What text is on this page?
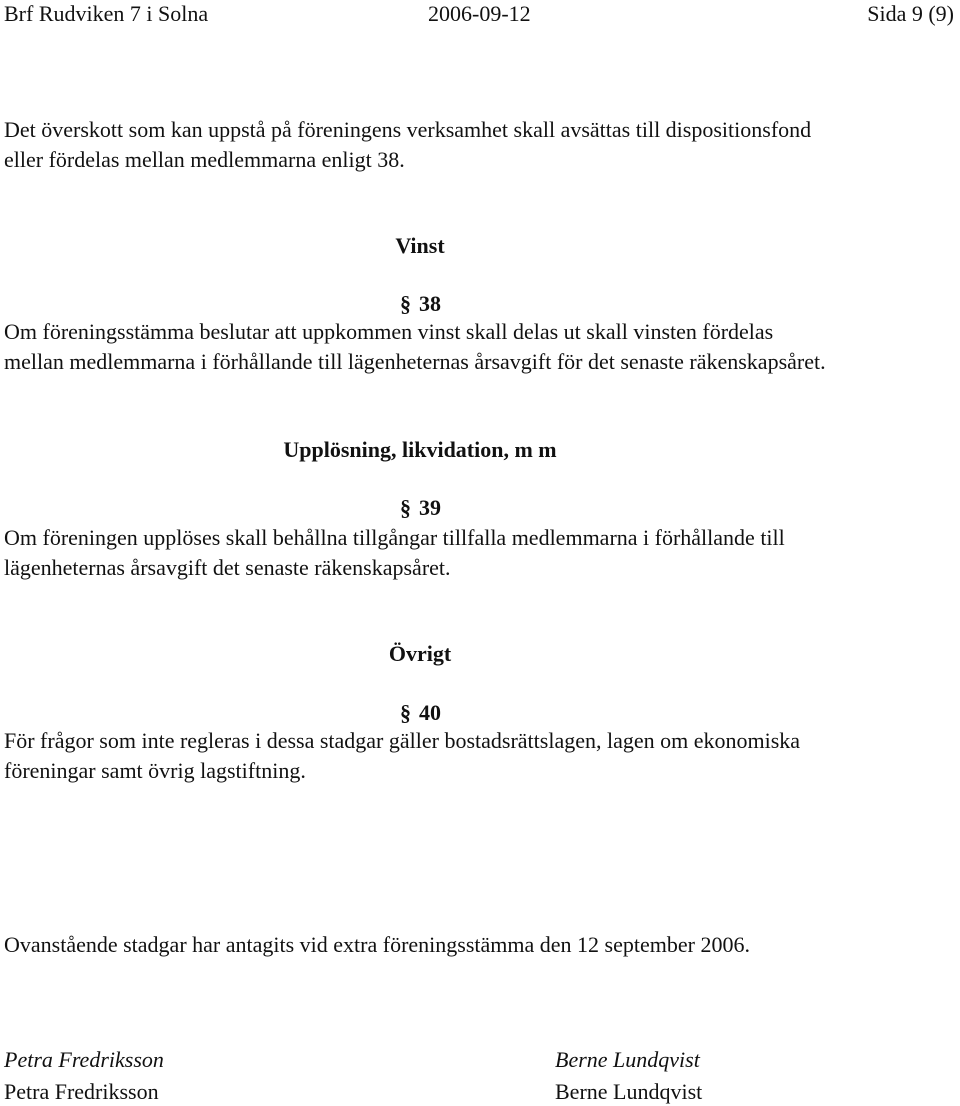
Brf Rudviken 7 i Solna	2006-09-12	Sida 9 (9)

Det överskott som kan uppstå på föreningens verksamhet skall avsättas till dispositionsfond
eller fördelas mellan medlemmarna enligt 38.

Vinst
§ 38

Om föreningsstämma beslutar att uppkommen vinst skall delas ut skall vinsten fördelas
mellan medlemmarna i förhållande till lägenheternas årsavgift för det senaste räkenskapsåret.

Upplösning, likvidation, m m
§ 39

Om föreningen upplöses skall behållna tillgångar tillfalla medlemmarna i förhållande till
lägenheternas årsavgift det senaste räkenskapsåret.

Övrigt
§ 40

För frågor som inte regleras i dessa stadgar gäller bostadsrättslagen, lagen om ekonomiska
föreningar samt övrig lagstiftning.

Ovanstående stadgar har antagits vid extra föreningsstämma den 12 september 2006.

Petra Fredriksson
Petra Fredriksson
Berne Lundqvist
Berne Lundqvist
